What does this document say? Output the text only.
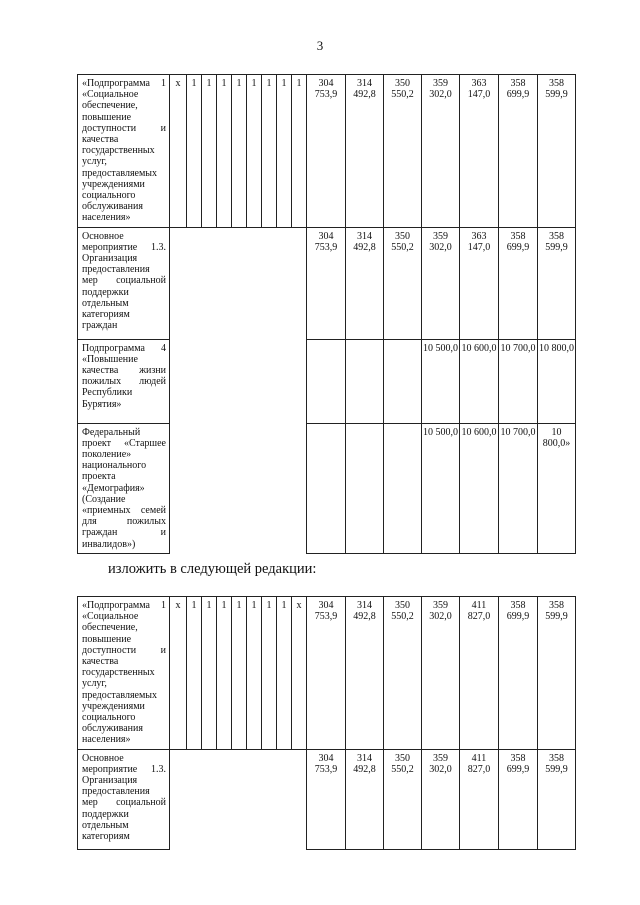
3
«Подпрограмма 1 «Социальное обеспечение, повышение доступности и качества государственных услуг, предоставляемых учреждениями социального обслуживания населения»	x	1	1	1	1	1	1	1	1	304 753,9	314 492,8	350 550,2	359 302,0	363 147,0	358 699,9	358 599,9
Основное мероприятие 1.3. Организация предоставления мер социальной поддержки отдельным категориям граждан										304 753,9	314 492,8	350 550,2	359 302,0	363 147,0	358 699,9	358 599,9
Подпрограмма 4 «Повышение качества жизни пожилых людей Республики Бурятия»													10 500,0	10 600,0	10 700,0	10 800,0
Федеральный проект «Старшее поколение» национального проекта «Демография» (Создание «приемных семей для пожилых граждан и инвалидов»)													10 500,0	10 600,0	10 700,0	10 800,0»
изложить в следующей редакции:
«Подпрограмма 1 «Социальное обеспечение, повышение доступности и качества государственных услуг, предоставляемых учреждениями социального обслуживания населения»	x	1	1	1	1	1	1	1	x	304 753,9	314 492,8	350 550,2	359 302,0	411 827,0	358 699,9	358 599,9
Основное мероприятие 1.3. Организация предоставления мер социальной поддержки отдельным категориям										304 753,9	314 492,8	350 550,2	359 302,0	411 827,0	358 699,9	358 599,9
